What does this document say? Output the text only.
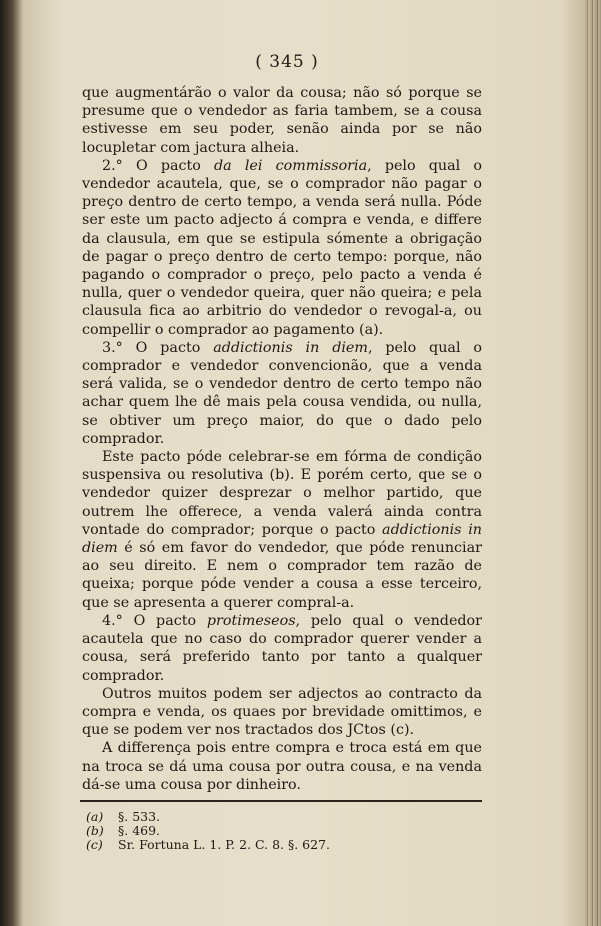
( 345 )

que augmentárão o valor da cousa; não só porque se presume que o vendedor as faria tambem, se a cousa estivesse em seu poder, senão ainda por se não locupletar com jactura alheia.

2.° O pacto da lei commissoria, pelo qual o vendedor acautela, que, se o comprador não pagar o preço dentro de certo tempo, a venda será nulla. Póde ser este um pacto adjecto á compra e venda, e differe da clausula, em que se estipula sómente a obrigação de pagar o preço dentro de certo tempo: porque, não pagando o comprador o preço, pelo pacto a venda é nulla, quer o vendedor queira, quer não queira; e pela clausula fica ao arbitrio do vendedor o revogal-a, ou compellir o comprador ao pagamento (a).

3.° O pacto addictionis in diem, pelo qual o comprador e vendedor convencionão, que a venda será valida, se o vendedor dentro de certo tempo não achar quem lhe dê mais pela cousa vendida, ou nulla, se obtiver um preço maior, do que o dado pelo comprador.

Este pacto póde celebrar-se em fórma de condição suspensiva ou resolutiva (b). E porém certo, que se o vendedor quizer desprezar o melhor partido, que outrem lhe offerece, a venda valerá ainda contra vontade do comprador; porque o pacto addictionis in diem é só em favor do vendedor, que póde renunciar ao seu direito. E nem o comprador tem razão de queixa; porque póde vender a cousa a esse terceiro, que se apresenta a querer compral-a.

4.° O pacto protimeseos, pelo qual o vendedor acautela que no caso do comprador querer vender a cousa, será preferido tanto por tanto a qualquer comprador.

Outros muitos podem ser adjectos ao contracto da compra e venda, os quaes por brevidade omittimos, e que se podem ver nos tractados dos JCtos (c).

A differença pois entre compra e troca está em que na troca se dá uma cousa por outra cousa, e na venda dá-se uma cousa por dinheiro.

(a)	§. 533.
(b)	§. 469.
(c)	Sr. Fortuna L. 1. P. 2. C. 8. §. 627.
